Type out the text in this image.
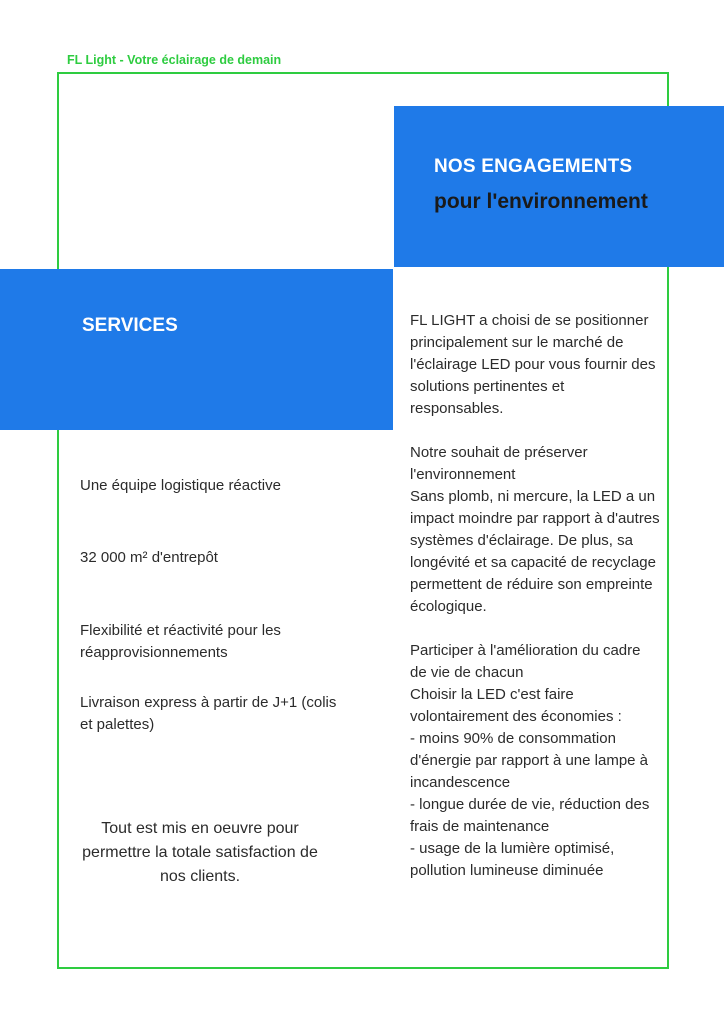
FL Light - Votre éclairage de demain
NOS ENGAGEMENTS
pour l'environnement
SERVICES
Une équipe logistique réactive
32 000 m² d'entrepôt
Flexibilité et réactivité pour les réapprovisionnements
Livraison express à partir de J+1 (colis et palettes)
Tout est mis en oeuvre pour permettre la totale satisfaction de nos clients.

FL LIGHT a choisi de se positionner principalement sur le marché de l'éclairage LED pour vous fournir des solutions pertinentes et responsables.

Notre souhait de préserver l'environnement
Sans plomb, ni mercure, la LED a un impact moindre par rapport à d'autres systèmes d'éclairage. De plus, sa longévité et sa capacité de recyclage permettent de réduire son empreinte écologique.

Participer à l'amélioration du cadre de vie de chacun
Choisir la LED c'est faire volontairement des économies :
- moins 90% de consommation d'énergie par rapport à une lampe à incandescence
- longue durée de vie, réduction des frais de maintenance
- usage de la lumière optimisé, pollution lumineuse diminuée
